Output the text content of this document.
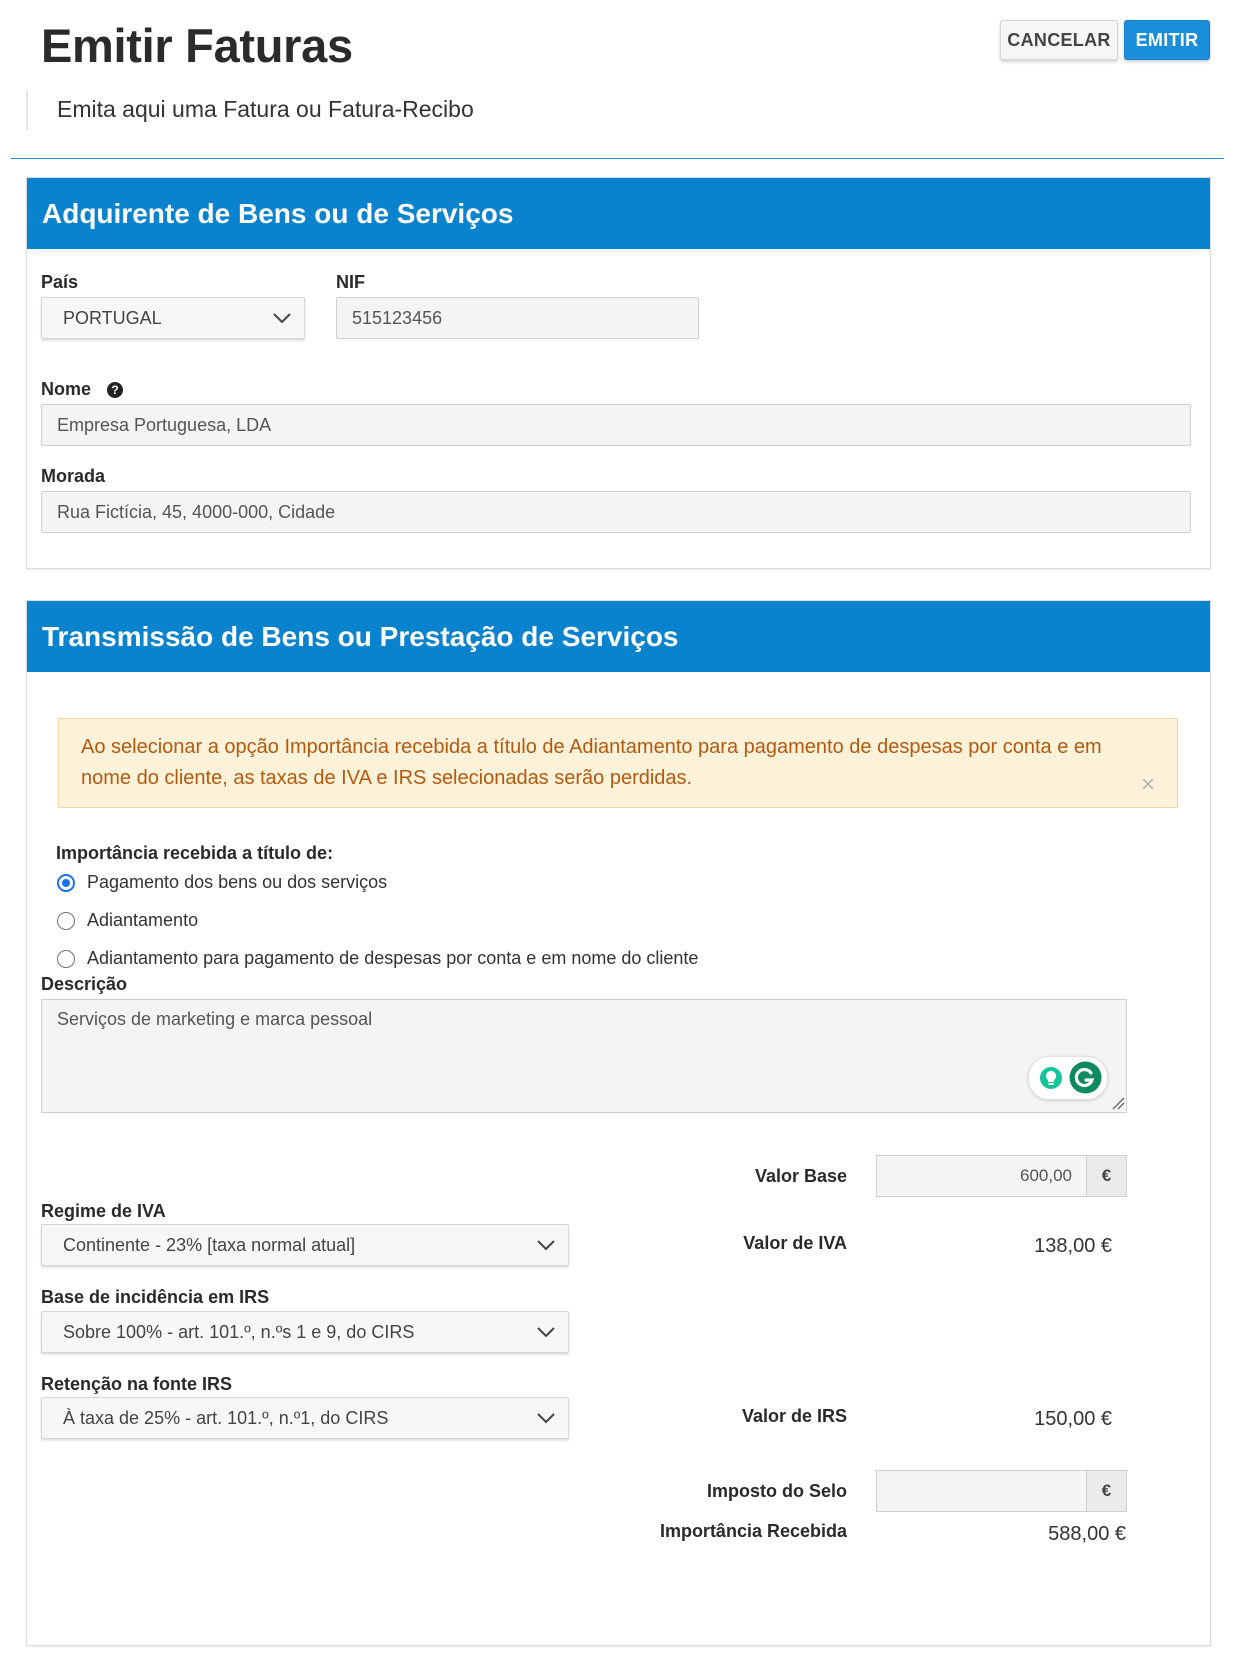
Emitir Faturas
Emita aqui uma Fatura ou Fatura-Recibo
CANCELAR	EMITIR
Adquirente de Bens ou de Serviços
País
PORTUGAL
NIF
515123456
Nome	?
Empresa Portuguesa, LDA
Morada
Rua Fictícia, 45, 4000-000, Cidade
Transmissão de Bens ou Prestação de Serviços
Ao selecionar a opção Importância recebida a título de Adiantamento para pagamento de despesas por conta e em nome do cliente, as taxas de IVA e IRS selecionadas serão perdidas.	×
Importância recebida a título de:
Pagamento dos bens ou dos serviços
Adiantamento
Adiantamento para pagamento de despesas por conta e em nome do cliente
Descrição
Serviços de marketing e marca pessoal
Valor Base	600,00	€
Regime de IVA
Continente - 23% [taxa normal atual]	Valor de IVA	138,00 €
Base de incidência em IRS
Sobre 100% - art. 101.º, n.ºs 1 e 9, do CIRS
Retenção na fonte IRS
À taxa de 25% - art. 101.º, n.º1, do CIRS	Valor de IRS	150,00 €
Imposto do Selo	€
Importância Recebida	588,00 €
